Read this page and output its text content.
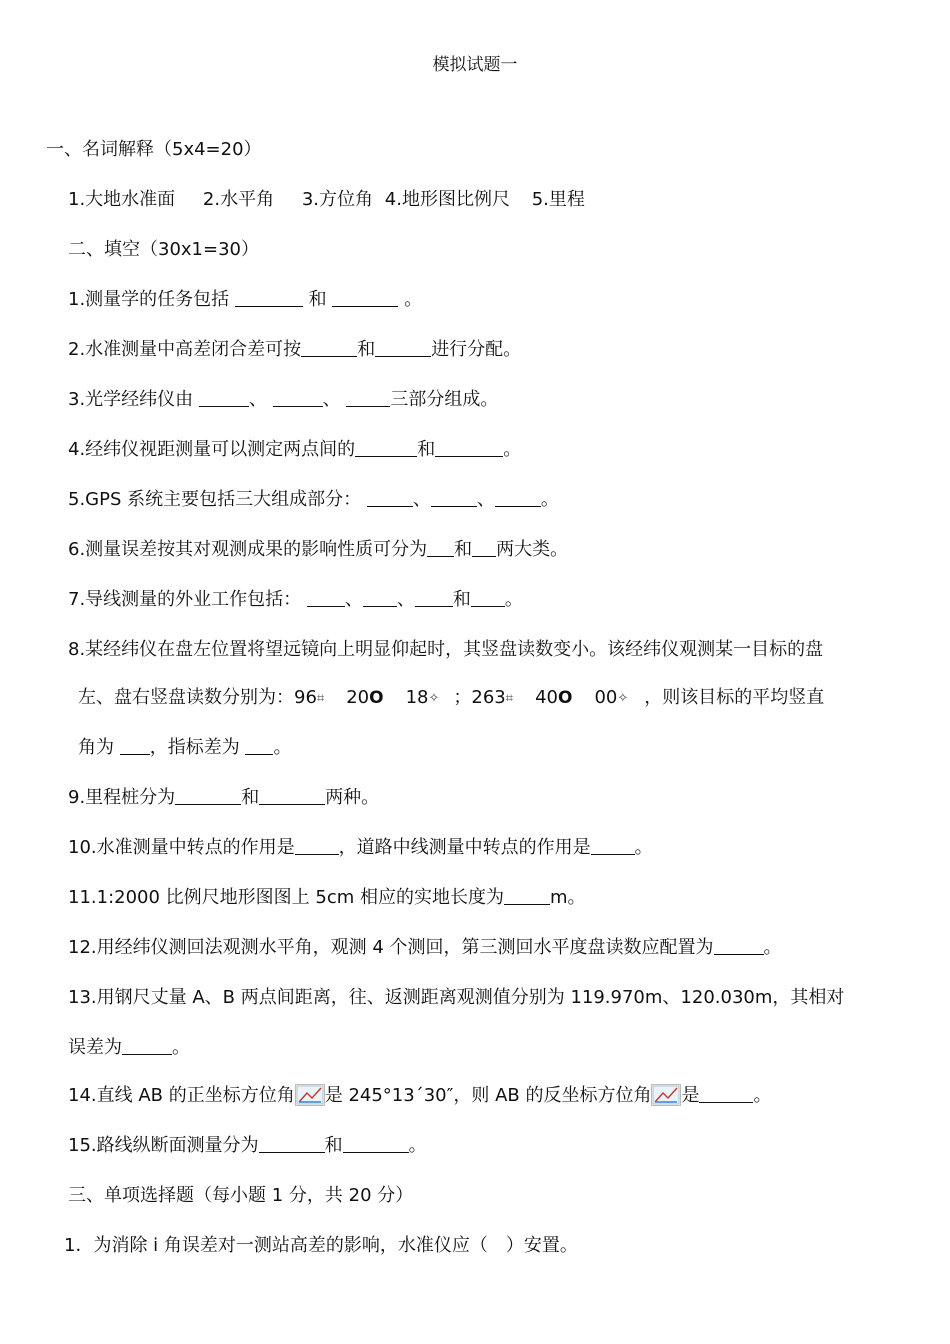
模拟试题一
一、名词解释（5x4=20）
1.大地水准面 2.水平角 3.方位角 4.地形图比例尺 5.里程
二、填空（30x1=30）
1.测量学的任务包括	和	。
2.水准测量中高差闭合差可按	和	进行分配。
3.光学经纬仪由	、	、	三部分组成。
4.经纬仪视距测量可以测定两点间的	和	。
5.GPS 系统主要包括三大组成部分：	、	、	。
6.测量误差按其对观测成果的影响性质可分为 和 两大类。
7.导线测量的外业工作包括： 、 、 和 。
8.某经纬仪在盘左位置将望远镜向上明显仰起时，其竖盘读数变小。该经纬仪观测某一目标的盘
左、盘右竖盘读数分别为：96⌗ 20O 18✧ ；263⌗ 40O 00✧ ，则该目标的平均竖直
角为 ，指标差为 。
9.里程桩分为	和	两种。
10.水准测量中转点的作用是 ，道路中线测量中转点的作用是 。
11.1:2000 比例尺地形图图上 5cm 相应的实地长度为	m。
12.用经纬仪测回法观测水平角，观测 4 个测回，第三测回水平度盘读数应配置为	。
13.用钢尺丈量 A、B 两点间距离，往、返测距离观测值分别为 119.970m、120.030m，其相对
误差为	。
14.直线 AB 的正坐标方位角 是 245°13´30″，则 AB 的反坐标方位角 是	。
15.路线纵断面测量分为	和	。
三、单项选择题（每小题 1 分，共 20 分）
1．为消除 i 角误差对一测站高差的影响，水准仪应（　）安置。
